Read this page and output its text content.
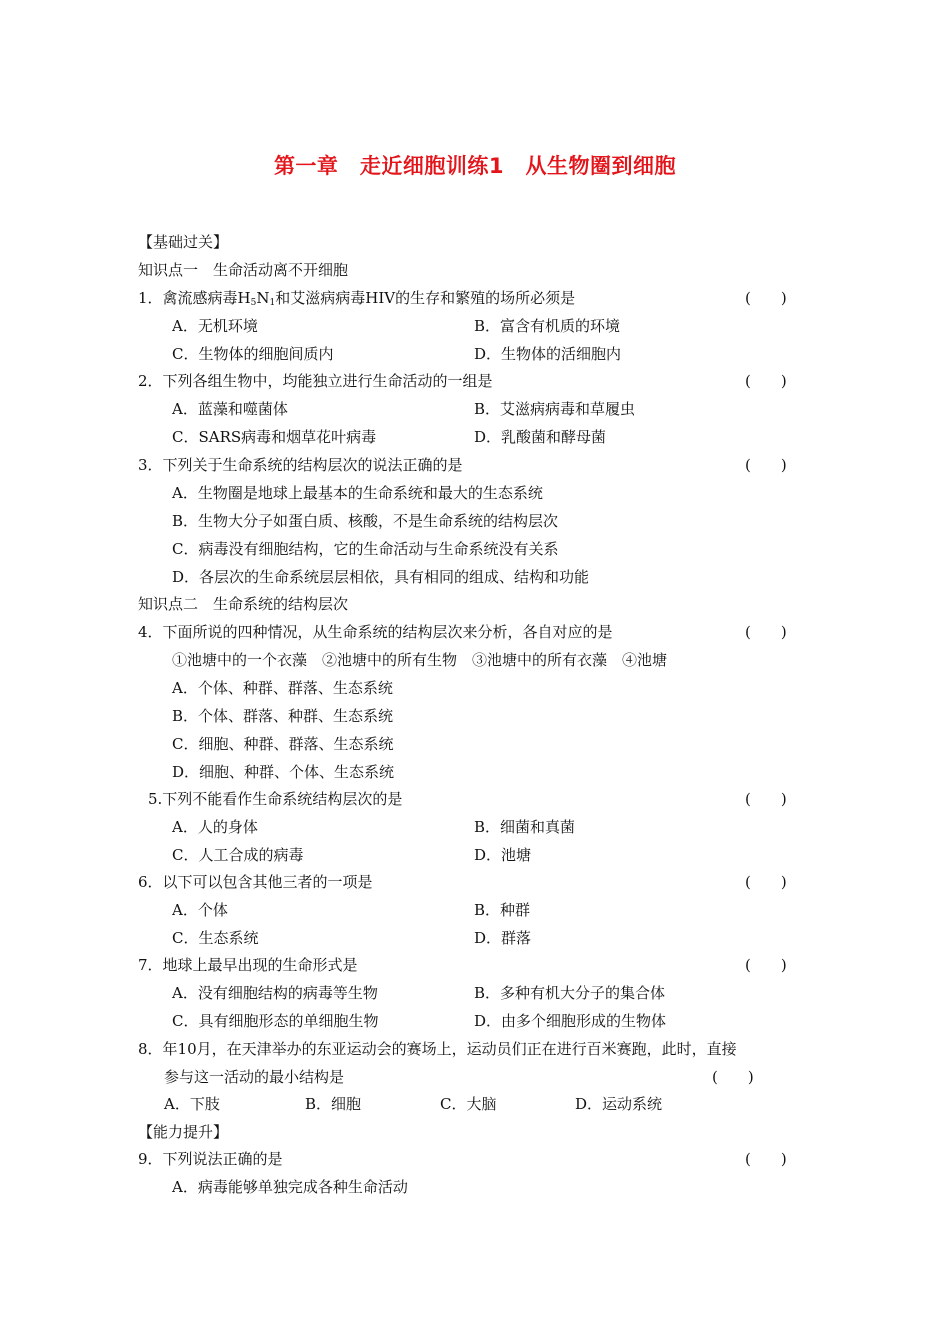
第一章　走近细胞训练1　从生物圈到细胞
【基础过关】
知识点一　生命活动离不开细胞
1．禽流感病毒$H_5N_1$和艾滋病病毒HIV的生存和繁殖的场所必须是	(　　)
A．无机环境	B．富含有机质的环境
C．生物体的细胞间质内	D．生物体的活细胞内
2．下列各组生物中，均能独立进行生命活动的一组是	(　　)
A．蓝藻和噬菌体	B．艾滋病病毒和草履虫
C．SARS病毒和烟草花叶病毒	D．乳酸菌和酵母菌
3．下列关于生命系统的结构层次的说法正确的是	(　　)
A．生物圈是地球上最基本的生命系统和最大的生态系统
B．生物大分子如蛋白质、核酸，不是生命系统的结构层次
C．病毒没有细胞结构，它的生命活动与生命系统没有关系
D．各层次的生命系统层层相依，具有相同的组成、结构和功能
知识点二　生命系统的结构层次
4．下面所说的四种情况，从生命系统的结构层次来分析，各自对应的是	(　　)
①池塘中的一个衣藻　②池塘中的所有生物　③池塘中的所有衣藻　④池塘
A．个体、种群、群落、生态系统
B．个体、群落、种群、生态系统
C．细胞、种群、群落、生态系统
D．细胞、种群、个体、生态系统
5.下列不能看作生命系统结构层次的是	(　　)
A．人的身体	B．细菌和真菌
C．人工合成的病毒	D．池塘
6．以下可以包含其他三者的一项是	(　　)
A．个体	B．种群
C．生态系统	D．群落
7．地球上最早出现的生命形式是	(　　)
A．没有细胞结构的病毒等生物	B．多种有机大分子的集合体
C．具有细胞形态的单细胞生物	D．由多个细胞形成的生物体
8．年10月，在天津举办的东亚运动会的赛场上，运动员们正在进行百米赛跑，此时，直接
参与这一活动的最小结构是	(　　)
A．下肢	B．细胞	C．大脑	D．运动系统
【能力提升】
9．下列说法正确的是	(　　)
A．病毒能够单独完成各种生命活动
